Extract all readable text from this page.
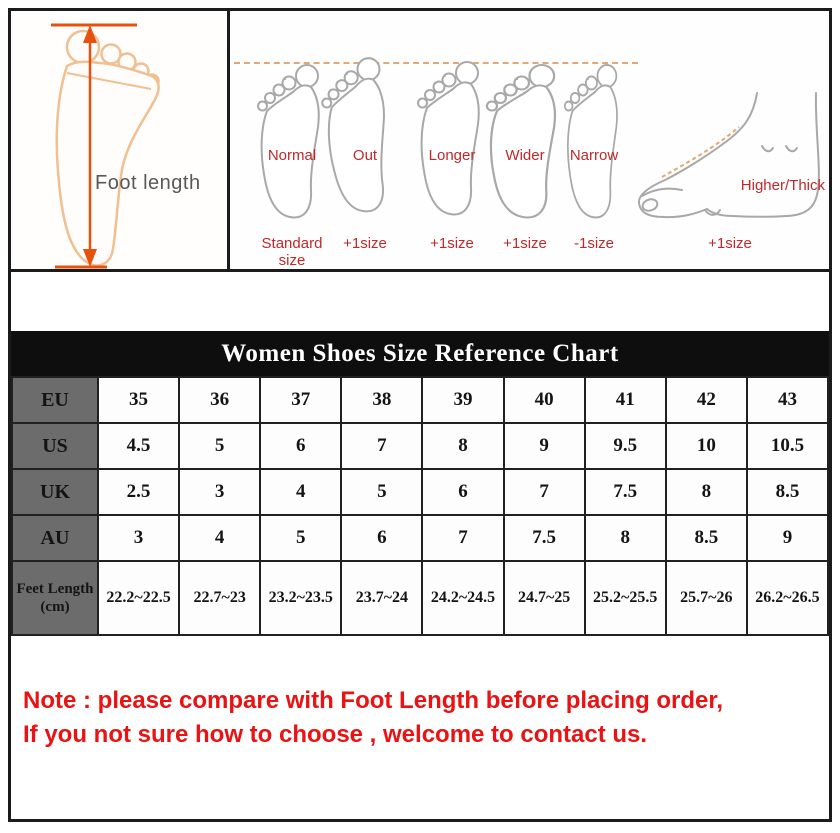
Foot length
Normal
Standard size
Out
+1size
Longer
+1size
Wider
+1size
Narrow
-1size
Higher/Thick
+1size
Women Shoes Size Reference Chart
EU	35	36	37	38	39	40	41	42	43
US	4.5	5	6	7	8	9	9.5	10	10.5
UK	2.5	3	4	5	6	7	7.5	8	8.5
AU	3	4	5	6	7	7.5	8	8.5	9
Feet Length (cm)	22.2~22.5	22.7~23	23.2~23.5	23.7~24	24.2~24.5	24.7~25	25.2~25.5	25.7~26	26.2~26.5
Note : please compare with Foot Length before placing order,
If you not sure how to choose , welcome to contact us.
